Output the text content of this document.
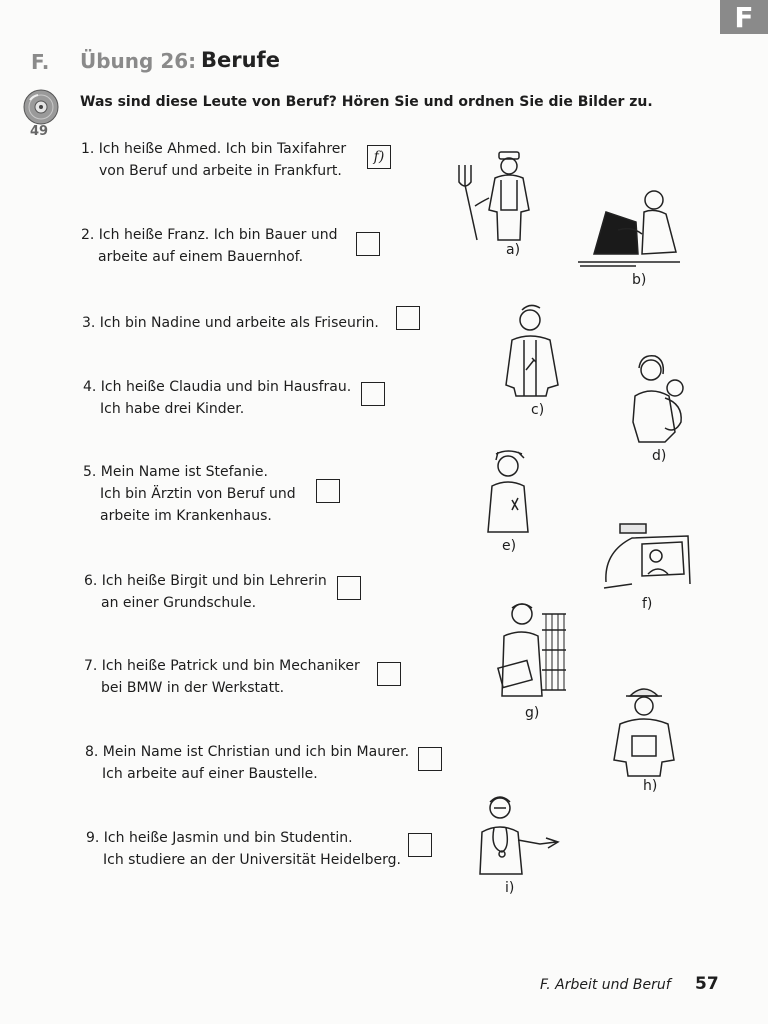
F
F. Übung 26: Berufe
49
Was sind diese Leute von Beruf? Hören Sie und ordnen Sie die Bilder zu.
1. Ich heiße Ahmed. Ich bin Taxifahrer
von Beruf und arbeite in Frankfurt.
f)
2. Ich heiße Franz. Ich bin Bauer und
arbeite auf einem Bauernhof.
3. Ich bin Nadine und arbeite als Friseurin.
4. Ich heiße Claudia und bin Hausfrau.
Ich habe drei Kinder.
5. Mein Name ist Stefanie.
Ich bin Ärztin von Beruf und
arbeite im Krankenhaus.
6. Ich heiße Birgit und bin Lehrerin
an einer Grundschule.
7. Ich heiße Patrick und bin Mechaniker
bei BMW in der Werkstatt.
8. Mein Name ist Christian und ich bin Maurer.
Ich arbeite auf einer Baustelle.
9. Ich heiße Jasmin und bin Studentin.
Ich studiere an der Universität Heidelberg.
a)
b)
c)
d)
e)
f)
g)
h)
i)
F. Arbeit und Beruf 57
